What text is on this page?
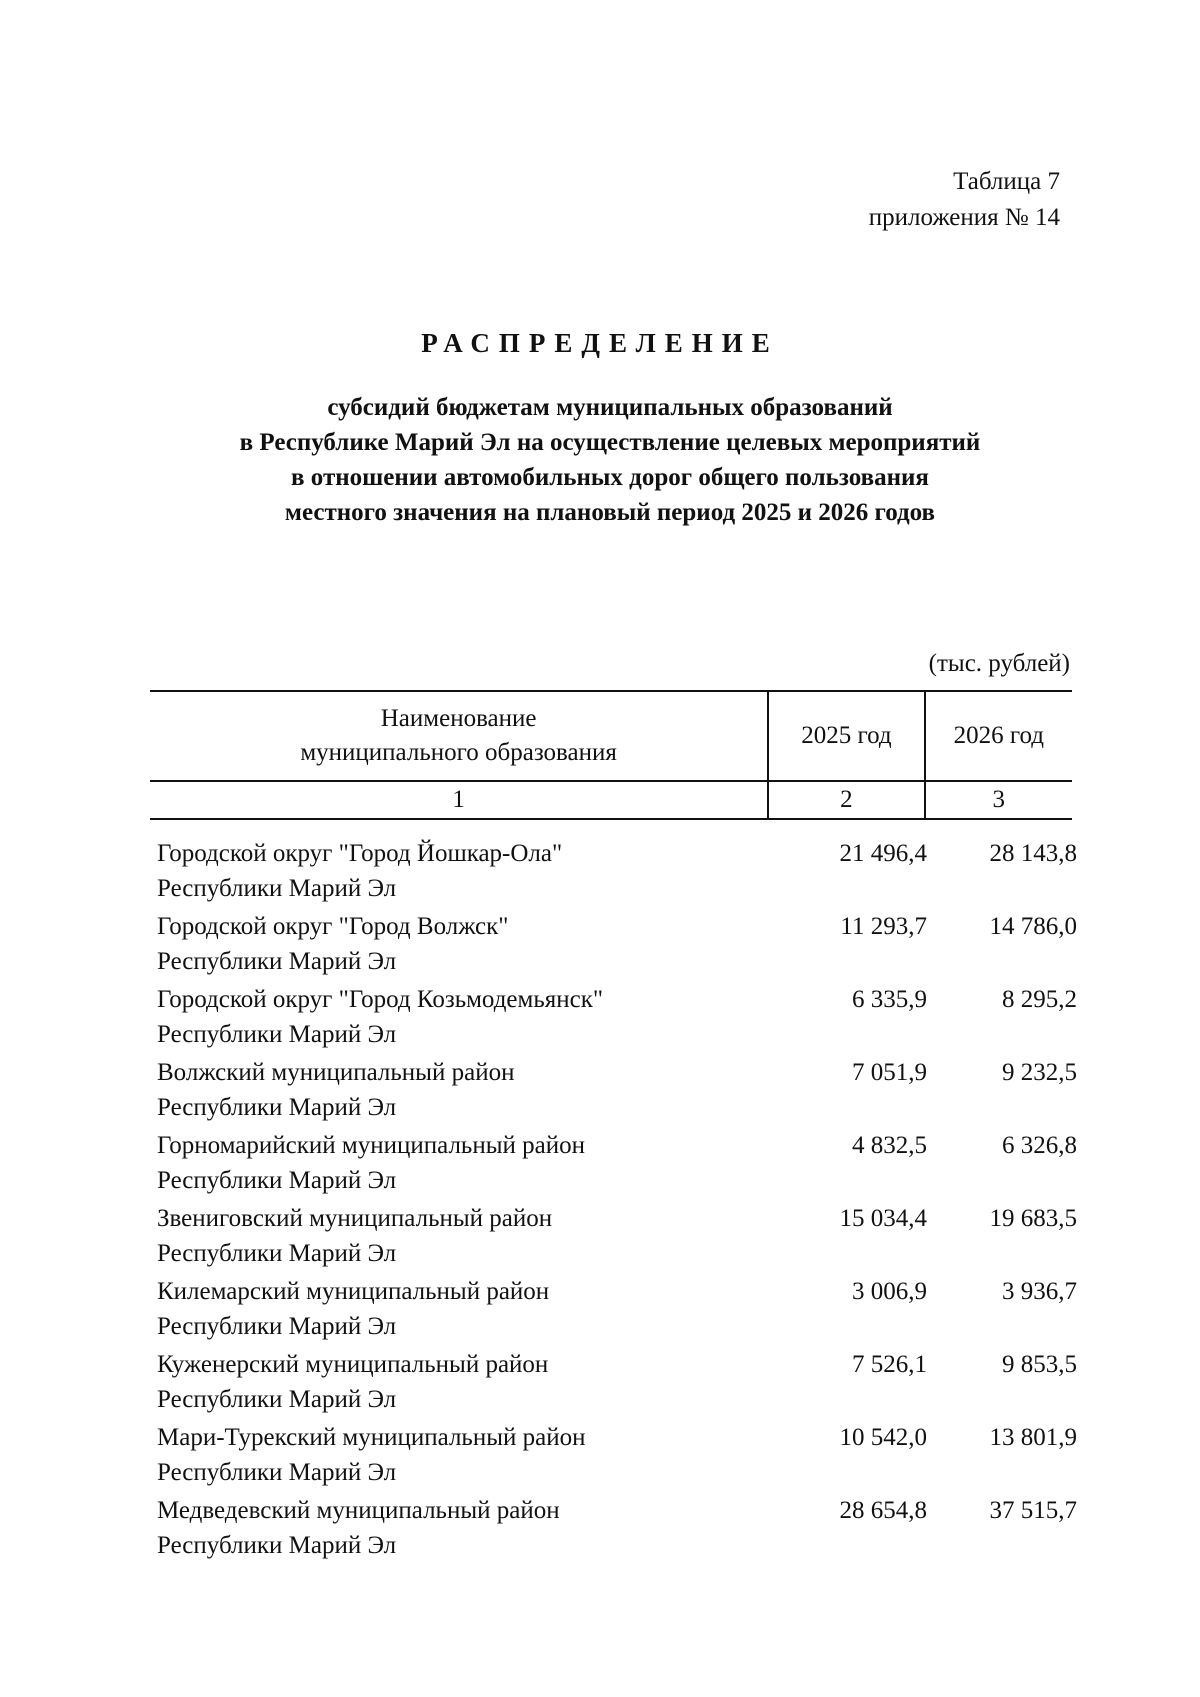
Таблица 7
приложения № 14
РАСПРЕДЕЛЕНИЕ
субсидий бюджетам муниципальных образований
в Республике Марий Эл на осуществление целевых мероприятий
в отношении автомобильных дорог общего пользования
местного значения на плановый период 2025 и 2026 годов
(тыс. рублей)
Наименование
муниципального образования	2025 год	2026 год
1	2	3
Городской округ "Город Йошкар-Ола"
Республики Марий Эл
21 496,4	28 143,8
Городской округ "Город Волжск"
Республики Марий Эл
11 293,7	14 786,0
Городской округ "Город Козьмодемьянск"
Республики Марий Эл
6 335,9	8 295,2
Волжский муниципальный район
Республики Марий Эл
7 051,9	9 232,5
Горномарийский муниципальный район
Республики Марий Эл
4 832,5	6 326,8
Звениговский муниципальный район
Республики Марий Эл
15 034,4	19 683,5
Килемарский муниципальный район
Республики Марий Эл
3 006,9	3 936,7
Куженерский муниципальный район
Республики Марий Эл
7 526,1	9 853,5
Мари-Турекский муниципальный район
Республики Марий Эл
10 542,0	13 801,9
Медведевский муниципальный район
Республики Марий Эл
28 654,8	37 515,7
